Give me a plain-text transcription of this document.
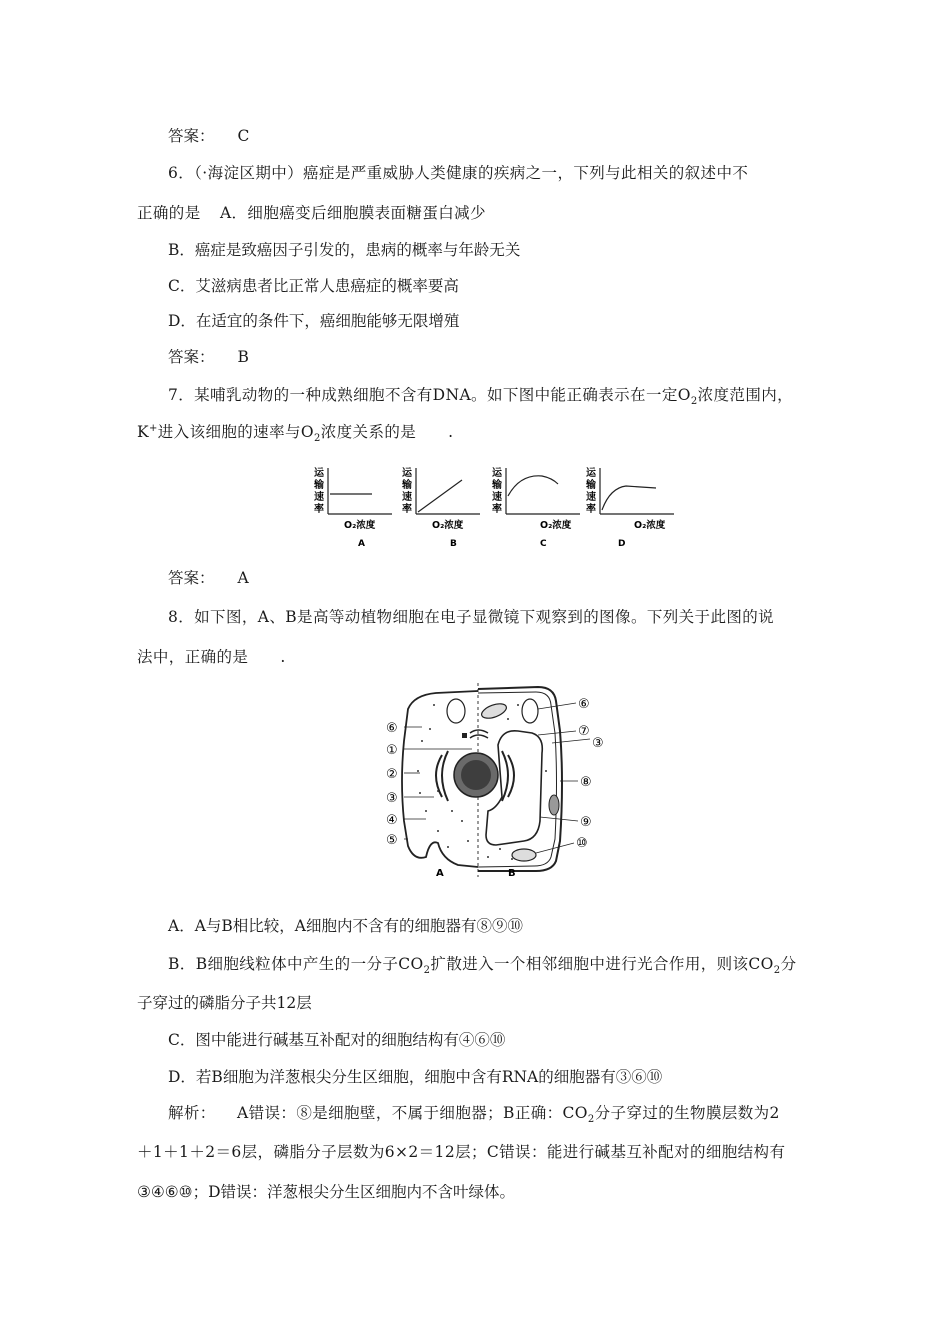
答案： C
6．（·海淀区期中）癌症是严重威胁人类健康的疾病之一，下列与此相关的叙述中不
正确的是 A．细胞癌变后细胞膜表面糖蛋白减少
B．癌症是致癌因子引发的，患病的概率与年龄无关
C．艾滋病患者比正常人患癌症的概率要高
D．在适宜的条件下，癌细胞能够无限增殖
答案： B
7．某哺乳动物的一种成熟细胞不含有DNA。如下图中能正确表示在一定$O_2$浓度范围内，
K+进入该细胞的速率与$O_2$浓度关系的是 .
运
输
速
率
O₂浓度
A
运
输
速
率
O₂浓度
B
运
输
速
率
O₂浓度
C
运
输
速
率
O₂浓度
D
答案： A
8．如下图，A、B是高等动植物细胞在电子显微镜下观察到的图像。下列关于此图的说
法中，正确的是 .
⑥
①
②
③
④
⑤
⑥
⑦
③
⑧
⑨
⑩
A	B
A．A与B相比较，A细胞内不含有的细胞器有⑧⑨⑩
B．B细胞线粒体中产生的一分子$CO_2$扩散进入一个相邻细胞中进行光合作用，则该$CO_2$分
子穿过的磷脂分子共12层
C．图中能进行碱基互补配对的细胞结构有④⑥⑩
D．若B细胞为洋葱根尖分生区细胞，细胞中含有RNA的细胞器有③⑥⑩
解析： A错误：⑧是细胞壁，不属于细胞器；B正确：$CO_2$分子穿过的生物膜层数为2
＋1＋1＋2＝6层，磷脂分子层数为6×2＝12层；C错误：能进行碱基互补配对的细胞结构有
③④⑥⑩；D错误：洋葱根尖分生区细胞内不含叶绿体。
